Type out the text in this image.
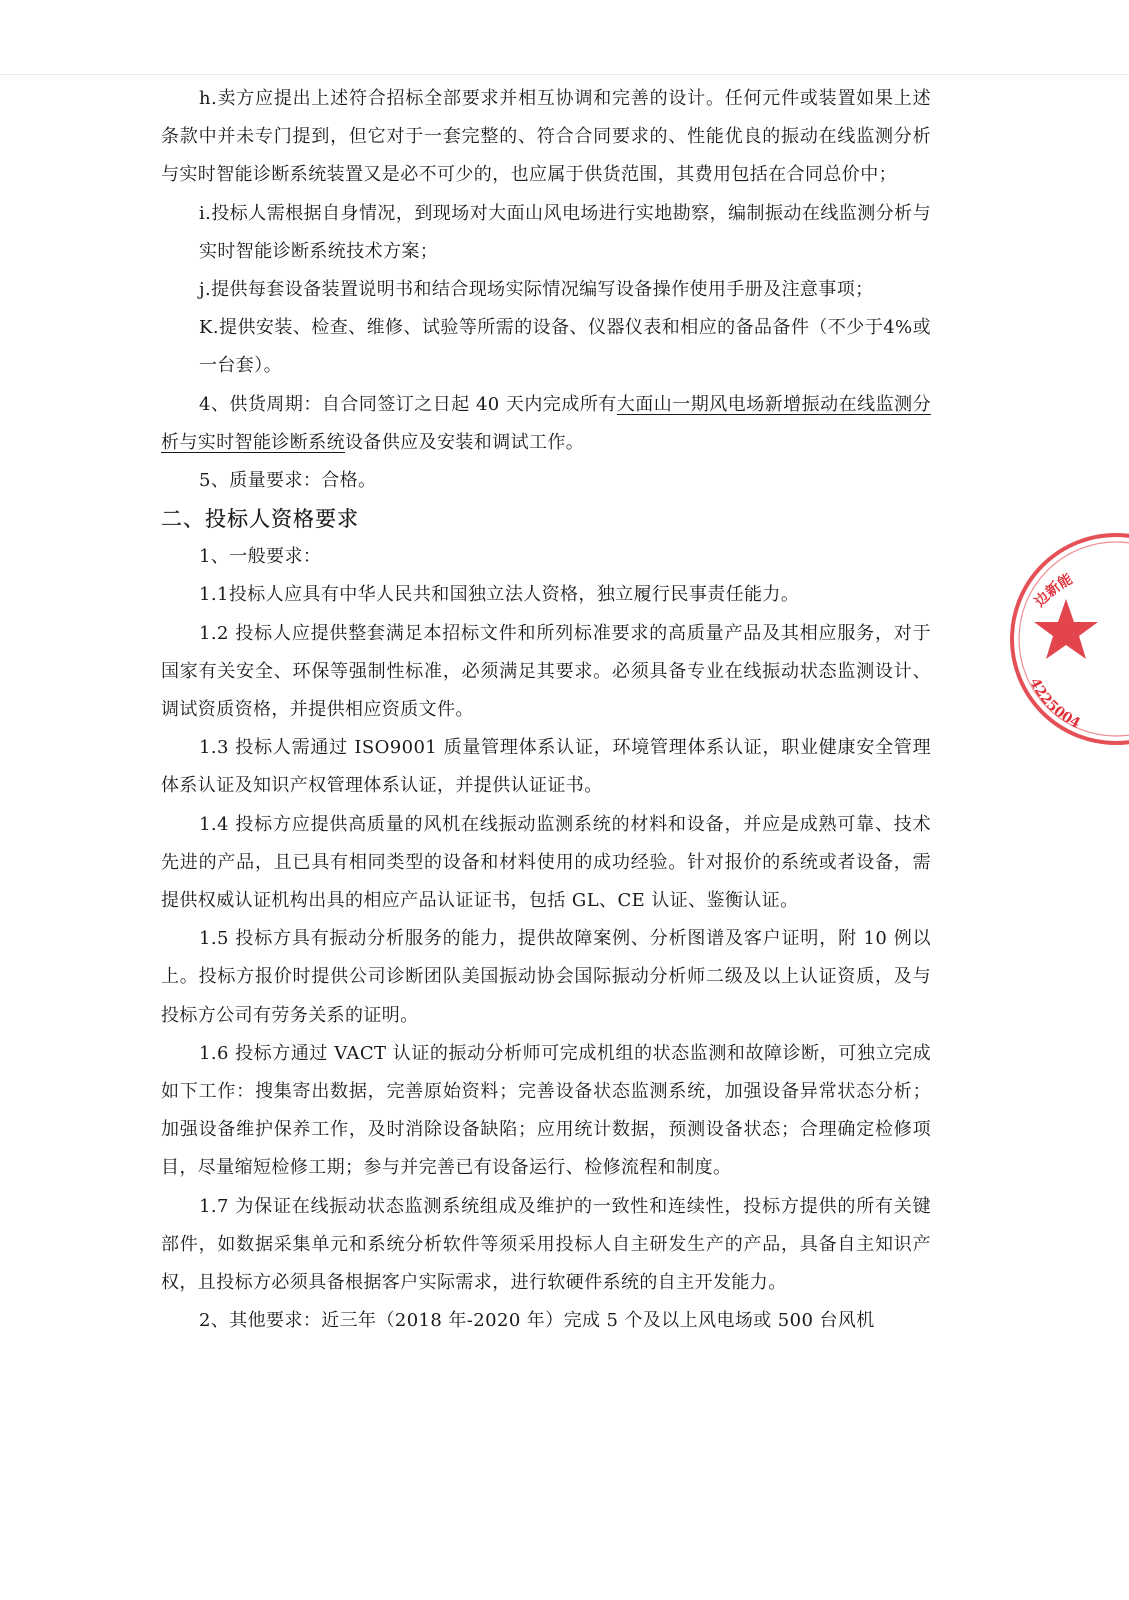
h.卖方应提出上述符合招标全部要求并相互协调和完善的设计。任何元件或装置如果上述条款中并未专门提到，但它对于一套完整的、符合合同要求的、性能优良的振动在线监测分析与实时智能诊断系统装置又是必不可少的，也应属于供货范围，其费用包括在合同总价中；

i.投标人需根据自身情况，到现场对大面山风电场进行实地勘察，编制振动在线监测分析与实时智能诊断系统技术方案；

j.提供每套设备装置说明书和结合现场实际情况编写设备操作使用手册及注意事项；

K.提供安装、检查、维修、试验等所需的设备、仪器仪表和相应的备品备件（不少于4%或一台套）。

4、供货周期：自合同签订之日起 40 天内完成所有大面山一期风电场新增振动在线监测分析与实时智能诊断系统设备供应及安装和调试工作。

5、质量要求：合格。

二、投标人资格要求

1、一般要求：

1.1投标人应具有中华人民共和国独立法人资格，独立履行民事责任能力。

1.2 投标人应提供整套满足本招标文件和所列标准要求的高质量产品及其相应服务，对于国家有关安全、环保等强制性标准，必须满足其要求。必须具备专业在线振动状态监测设计、调试资质资格，并提供相应资质文件。

1.3 投标人需通过 ISO9001 质量管理体系认证，环境管理体系认证，职业健康安全管理体系认证及知识产权管理体系认证，并提供认证证书。

1.4 投标方应提供高质量的风机在线振动监测系统的材料和设备，并应是成熟可靠、技术先进的产品，且已具有相同类型的设备和材料使用的成功经验。针对报价的系统或者设备，需提供权威认证机构出具的相应产品认证证书，包括 GL、CE 认证、鉴衡认证。

1.5 投标方具有振动分析服务的能力，提供故障案例、分析图谱及客户证明，附 10 例以上。投标方报价时提供公司诊断团队美国振动协会国际振动分析师二级及以上认证资质，及与投标方公司有劳务关系的证明。

1.6 投标方通过 VACT 认证的振动分析师可完成机组的状态监测和故障诊断，可独立完成如下工作：搜集寄出数据，完善原始资料；完善设备状态监测系统，加强设备异常状态分析；加强设备维护保养工作，及时消除设备缺陷；应用统计数据，预测设备状态；合理确定检修项目，尽量缩短检修工期；参与并完善已有设备运行、检修流程和制度。

1.7 为保证在线振动状态监测系统组成及维护的一致性和连续性，投标方提供的所有关键部件，如数据采集单元和系统分析软件等须采用投标人自主研发生产的产品，具备自主知识产权，且投标方必须具备根据客户实际需求，进行软硬件系统的自主开发能力。

2、其他要求：近三年（2018 年-2020 年）完成 5 个及以上风电场或 500 台风机

边新能
4225004
